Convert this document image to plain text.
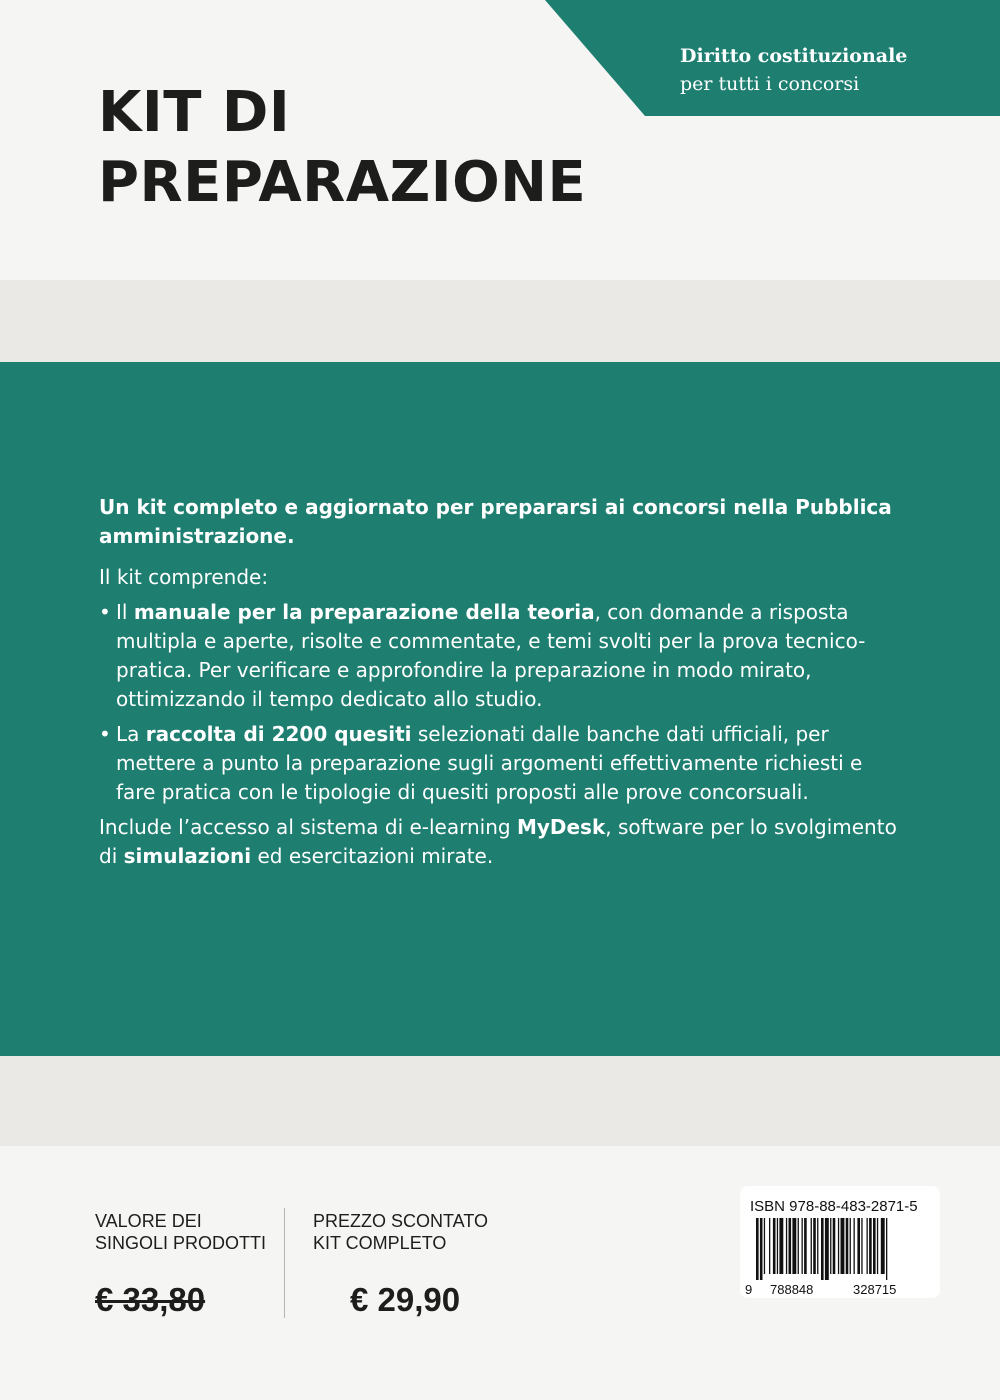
Diritto costituzionale
per tutti i concorsi
KIT DI
PREPARAZIONE

Un kit completo e aggiornato per prepararsi ai concorsi nella Pubblica amministrazione.

Il kit comprende:

• Il manuale per la preparazione della teoria, con domande a risposta multipla e aperte, risolte e commentate, e temi svolti per la prova tecnico-pratica. Per verificare e approfondire la preparazione in modo mirato, ottimizzando il tempo dedicato allo studio.
• La raccolta di 2200 quesiti selezionati dalle banche dati ufficiali, per mettere a punto la preparazione sugli argomenti effettivamente richiesti e fare pratica con le tipologie di quesiti proposti alle prove concorsuali.

Include l’accesso al sistema di e-learning MyDesk, software per lo svolgimento di simulazioni ed esercitazioni mirate.

VALORE DEI
SINGOLI PRODOTTI
€ 33,80
PREZZO SCONTATO
KIT COMPLETO
€ 29,90
ISBN 978-88-483-2871-5
9 788848	328715
